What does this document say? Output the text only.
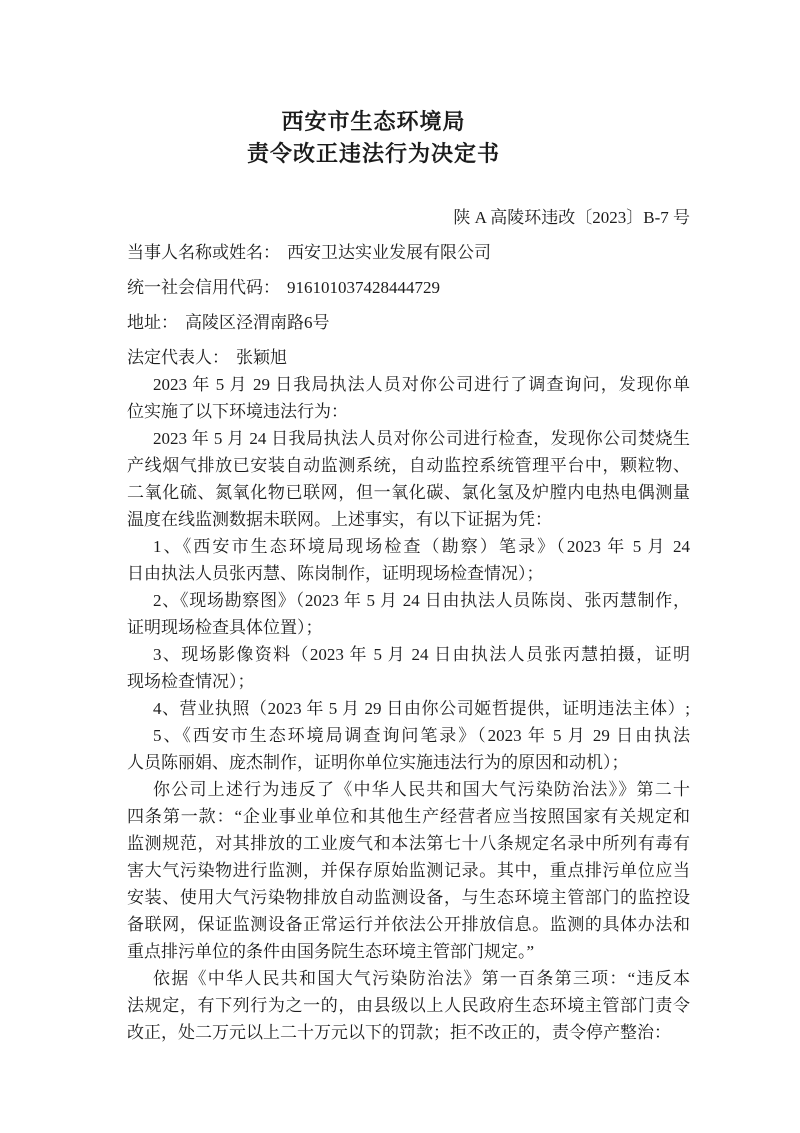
西安市生态环境局
责令改正违法行为决定书
陕 A 高陵环违改〔2023〕B-7 号
当事人名称或姓名： 西安卫达实业发展有限公司
统一社会信用代码： 916101037428444729
地址： 高陵区泾渭南路6号
法定代表人： 张颖旭
2023 年 5 月 29 日我局执法人员对你公司进行了调查询问，发现你单
位实施了以下环境违法行为：
2023 年 5 月 24 日我局执法人员对你公司进行检查，发现你公司焚烧生
产线烟气排放已安装自动监测系统，自动监控系统管理平台中，颗粒物、
二氧化硫、氮氧化物已联网，但一氧化碳、氯化氢及炉膛内电热电偶测量
温度在线监测数据未联网。上述事实，有以下证据为凭：
1、《西安市生态环境局现场检查（勘察）笔录》（2023 年 5 月 24
日由执法人员张丙慧、陈岗制作，证明现场检查情况）；
2、《现场勘察图》（2023 年 5 月 24 日由执法人员陈岗、张丙慧制作，
证明现场检查具体位置）；
3、现场影像资料（2023 年 5 月 24 日由执法人员张丙慧拍摄，证明
现场检查情况）；
4、营业执照（2023 年 5 月 29 日由你公司姬哲提供，证明违法主体）;
5、《西安市生态环境局调查询问笔录》（2023 年 5 月 29 日由执法
人员陈丽娟、庞杰制作，证明你单位实施违法行为的原因和动机）；
你公司上述行为违反了《中华人民共和国大气污染防治法》》第二十
四条第一款：“企业事业单位和其他生产经营者应当按照国家有关规定和
监测规范，对其排放的工业废气和本法第七十八条规定名录中所列有毒有
害大气污染物进行监测，并保存原始监测记录。其中，重点排污单位应当
安装、使用大气污染物排放自动监测设备，与生态环境主管部门的监控设
备联网，保证监测设备正常运行并依法公开排放信息。监测的具体办法和
重点排污单位的条件由国务院生态环境主管部门规定。”
依据《中华人民共和国大气污染防治法》第一百条第三项：“违反本
法规定，有下列行为之一的，由县级以上人民政府生态环境主管部门责令
改正，处二万元以上二十万元以下的罚款；拒不改正的，责令停产整治：
